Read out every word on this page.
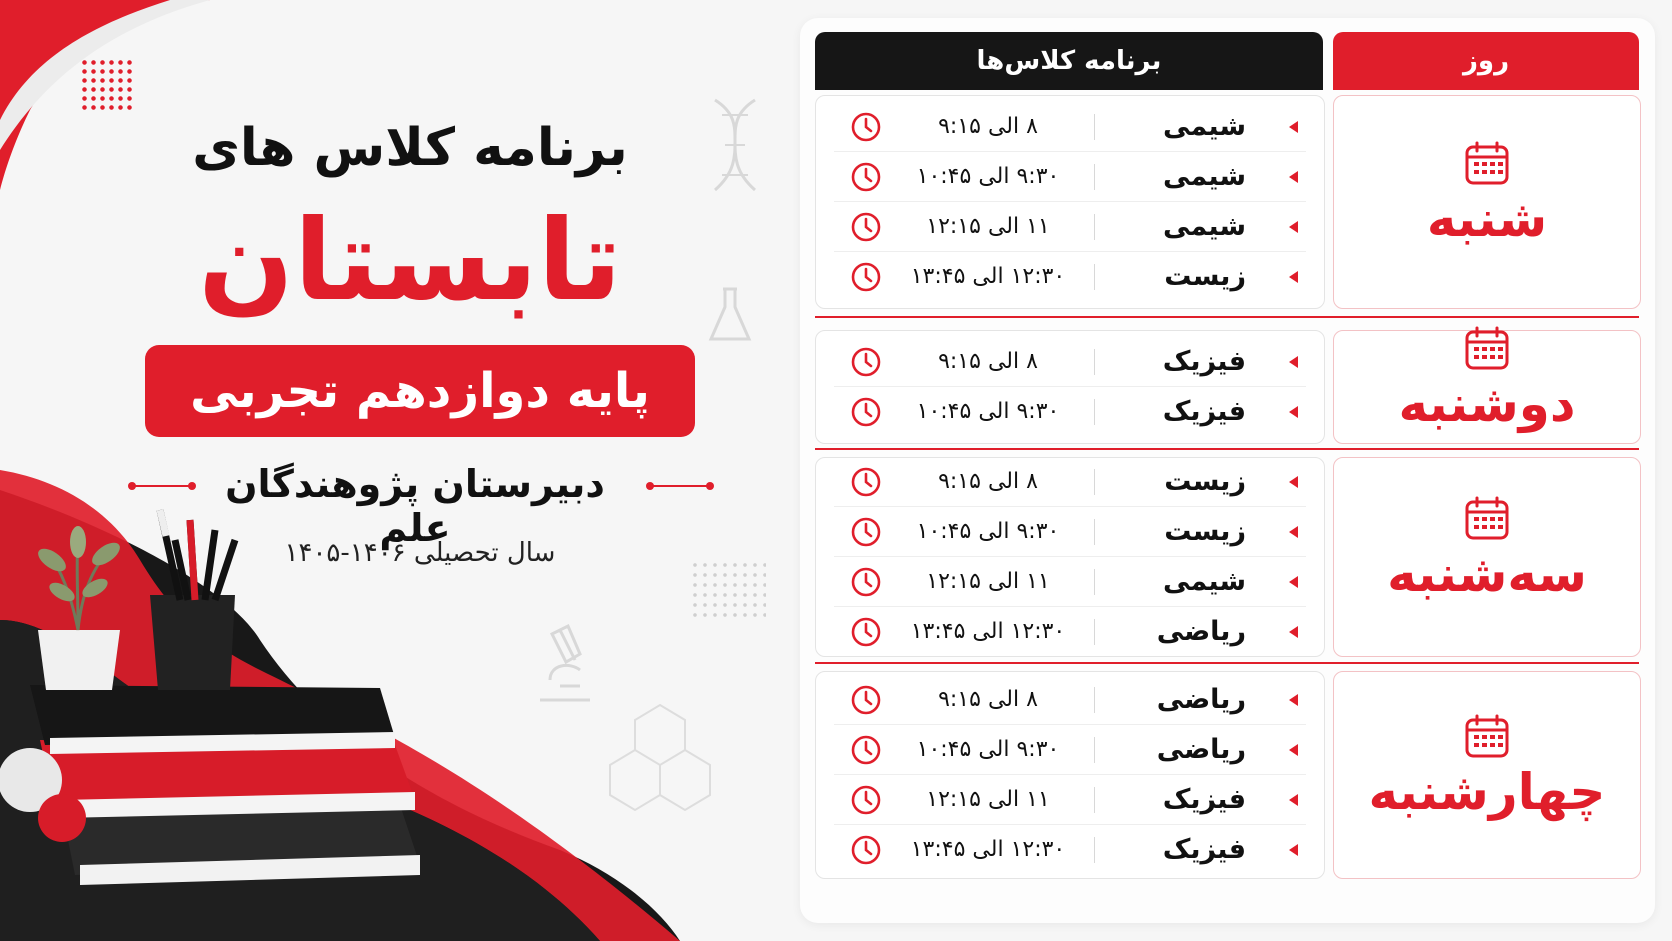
برنامه کلاس های
تابستان
پایه دوازدهم تجربی
دبیرستان پژوهندگان علم
سال تحصیلی ۱۴۰۶-۱۴۰۵
روز
برنامه کلاس‌ها
شنبه
شیمی
۸ الی ۹:۱۵
شیمی
۹:۳۰ الی ۱۰:۴۵
شیمی
۱۱ الی ۱۲:۱۵
زیست
۱۲:۳۰ الی ۱۳:۴۵
دوشنبه
فیزیک
۸ الی ۹:۱۵
فیزیک
۹:۳۰ الی ۱۰:۴۵
سه‌شنبه
زیست
۸ الی ۹:۱۵
زیست
۹:۳۰ الی ۱۰:۴۵
شیمی
۱۱ الی ۱۲:۱۵
ریاضی
۱۲:۳۰ الی ۱۳:۴۵
چهارشنبه
ریاضی
۸ الی ۹:۱۵
ریاضی
۹:۳۰ الی ۱۰:۴۵
فیزیک
۱۱ الی ۱۲:۱۵
فیزیک
۱۲:۳۰ الی ۱۳:۴۵
